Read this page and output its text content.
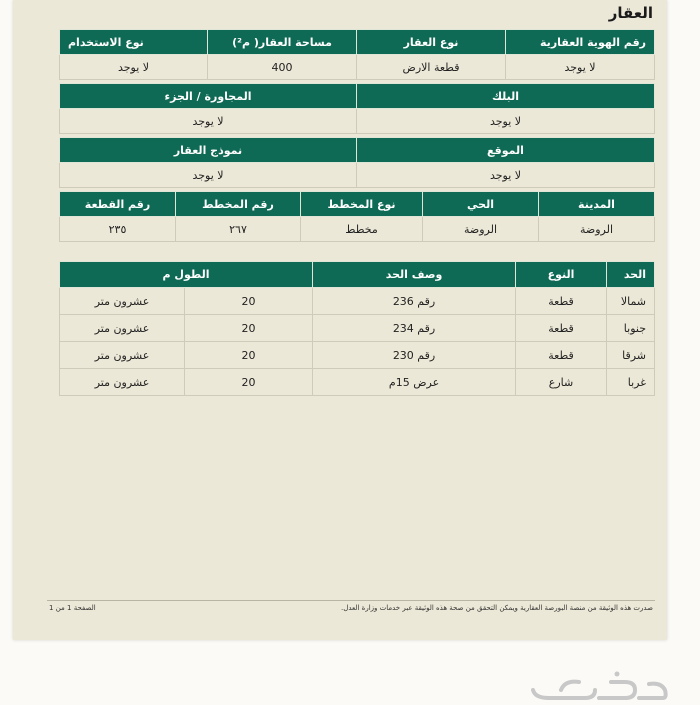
العقار
رقم الهوية العقارية	نوع العقار	مساحة العقار( م²)	نوع الاستخدام
لا يوجد	قطعة الارض	400	لا يوجد
البلك	المجاورة / الجزء
لا يوجد	لا يوجد
الموقع	نموذج العقار
لا يوجد	لا يوجد
المدينة	الحي	نوع المخطط	رقم المخطط	رقم القطعة
الروضة	الروضة	مخطط	٢٦٧	٢٣٥
الحد	النوع	وصف الحد	الطول م	
شمالا	قطعة	رقم 236	20	عشرون متر
جنوبا	قطعة	رقم 234	20	عشرون متر
شرقا	قطعة	رقم 230	20	عشرون متر
غربا	شارع	عرض 15م	20	عشرون متر
صدرت هذه الوثيقة من منصة البورصة العقارية ويمكن التحقق من صحة هذه الوثيقة عبر خدمات وزارة العدل.
الصفحة 1 من 1
